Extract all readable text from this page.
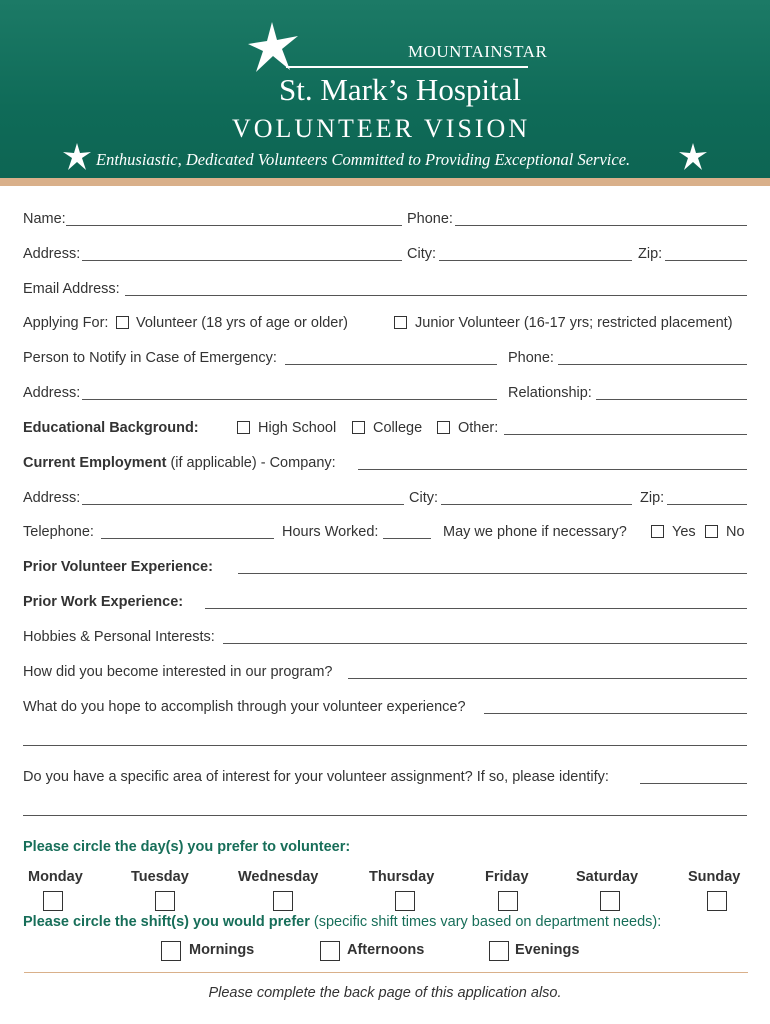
MOUNTAINSTAR
St. Mark’s Hospital
VOLUNTEER VISION
Enthusiastic, Dedicated Volunteers Committed to Providing Exceptional Service.
Name:	Phone:
Address:	City:	Zip:
Email Address:
Applying For: Volunteer (18 yrs of age or older)	Junior Volunteer (16-17 yrs; restricted placement)
Person to Notify in Case of Emergency:	Phone:
Address:	Relationship:
Educational Background:	High School	College Other:
Current Employment (if applicable) - Company:
Address:	City:	Zip:
Telephone:	Hours Worked:	May we phone if necessary?	Yes No
Prior Volunteer Experience:
Prior Work Experience:
Hobbies & Personal Interests:
How did you become interested in our program?
What do you hope to accomplish through your volunteer experience?
Do you have a specific area of interest for your volunteer assignment? If so, please identify:
Please circle the day(s) you prefer to volunteer:
Monday	Tuesday	Wednesday	Thursday	Friday	Saturday	Sunday
Please circle the shift(s) you would prefer (specific shift times vary based on department needs):
Mornings	Afternoons	Evenings
Please complete the back page of this application also.
